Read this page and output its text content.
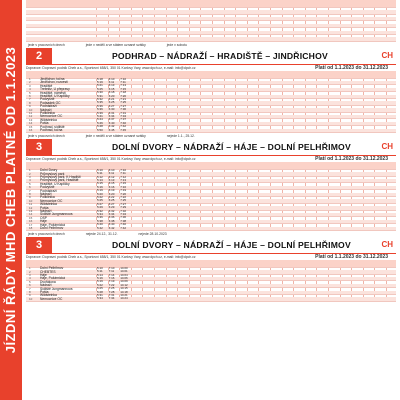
JÍZDNÍ ŘÁDY MHD CHEB PLATNÉ OD 1.1.2023
jede v pracovních dnech	jede v neděli a ve státem uznané svátky	jede v sobotu
2	PODHRAD – NÁDRAŽÍ – HRADIŠTĚ – JINDŘICHOV	CH
Dopravce: Dopravní podnik Cheb a.s., Sportovní 658/1, 350 01 Karlovy Vary, www.dpch.cz, e-mail: info@dpch.cz	Platí od 1.1.2023 do 31.12.2023
1	Jindřichov, točna	5:18 6:10 7:10
2	Jindřichov, rozcestí	5:19 6:11 7:11
3	Hradiště	5:21 6:13 7:13
4	Trebnitz, U přepravy	5:25 6:15 7:15
5	Hradiště, náměstí	5:30 6:18 7:18
6	Hradiště, U Kapličky	5:31 6:20 7:20
7	Podvyšně	5:32 6:21 7:21
8	Podsadek OC	5:35 6:25 7:25
9	Podnádraží	5:36 6:27 7:27
10 Nádraží	5:36 6:30 7:30
11 Poliklinika	5:39 6:31 7:31
12 Nemocnice OC	5:41 6:34 7:34
13 Wildsteinka	5:44 6:37 7:37
14 Pošta	5:46 6:40 7:40
15 Podhrad, sídliště	5:48 6:42 7:42
16 Podhrad, točna	5:50 6:45 7:45
jede v pracovních dnech	jede v neděli a ve státem uznané svátky	nejede 1.1., 25.12.
3	DOLNÍ DVORY – NÁDRAŽÍ – HÁJE – DOLNÍ PELHŘIMOV	CH
Dopravce: Dopravní podnik Cheb a.s., Sportovní 658/1, 350 01 Karlovy Vary, www.dpch.cz, e-mail: info@dpch.cz	Platí od 1.1.2023 do 31.12.2023
1	Dolní Dvory	5:10 6:10 7:10
2	Průmyslový park	5:11 6:11 7:11
3	Průmyslový park, K Hradišti	5:12 6:12 7:12
4	Průmyslový park, Hradiště	5:13 6:13 7:13
5	Hradiště, U Kapličky	5:15 6:15 7:15
6	Podvyšně	5:16 6:16 7:16
7	Podnádraží	5:19 6:19 7:19
8	Nádraží	5:20 6:20 7:20
9	Poliklinika	5:22 6:22 7:22
10 Nemocnice OC	5:25 6:25 7:25
11 Wildsteinka	5:27 6:27 7:27
12 Pošta	5:29 6:29 7:29
13 Nádraží	5:32 6:32 7:32
14 Sídliště Jungmannova	5:34 6:34 7:34
15 OSP	5:36 6:36 7:36
16 Háje	5:38 6:38 7:38
17 Háje, Požárnická	5:40 6:40 7:40
18 Dolní Pelhřimov	5:42 6:42 7:42
jede v pracovních dnech	nejede 24.12., 31.12.	nejede 28.10.2023
3	DOLNÍ DVORY – NÁDRAŽÍ – HÁJE – DOLNÍ PELHŘIMOV	CH
Dopravce: Dopravní podnik Cheb a.s., Sportovní 658/1, 350 01 Karlovy Vary, www.dpch.cz, e-mail: info@dpch.cz	Platí od 1.1.2023 do 31.12.2023
1	Dolní Pelhřimov	5:10 7:10 14:00
2	CHEBTES	5:11 7:11 14:01
3	Háje	5:14 7:14 14:04
4	Háje, Požárnická	5:16 7:16 14:06
5	Dvořákova	5:19 7:19 14:09
6	Nádraží	5:22 7:22 14:12
7	Sídliště Jungmannova	5:25 7:25 14:15
8	Pošta	5:28 7:28 14:18
9	Wildsteinka	5:31 7:31 14:21
10 Nemocnice OC	5:34 7:34 14:24
